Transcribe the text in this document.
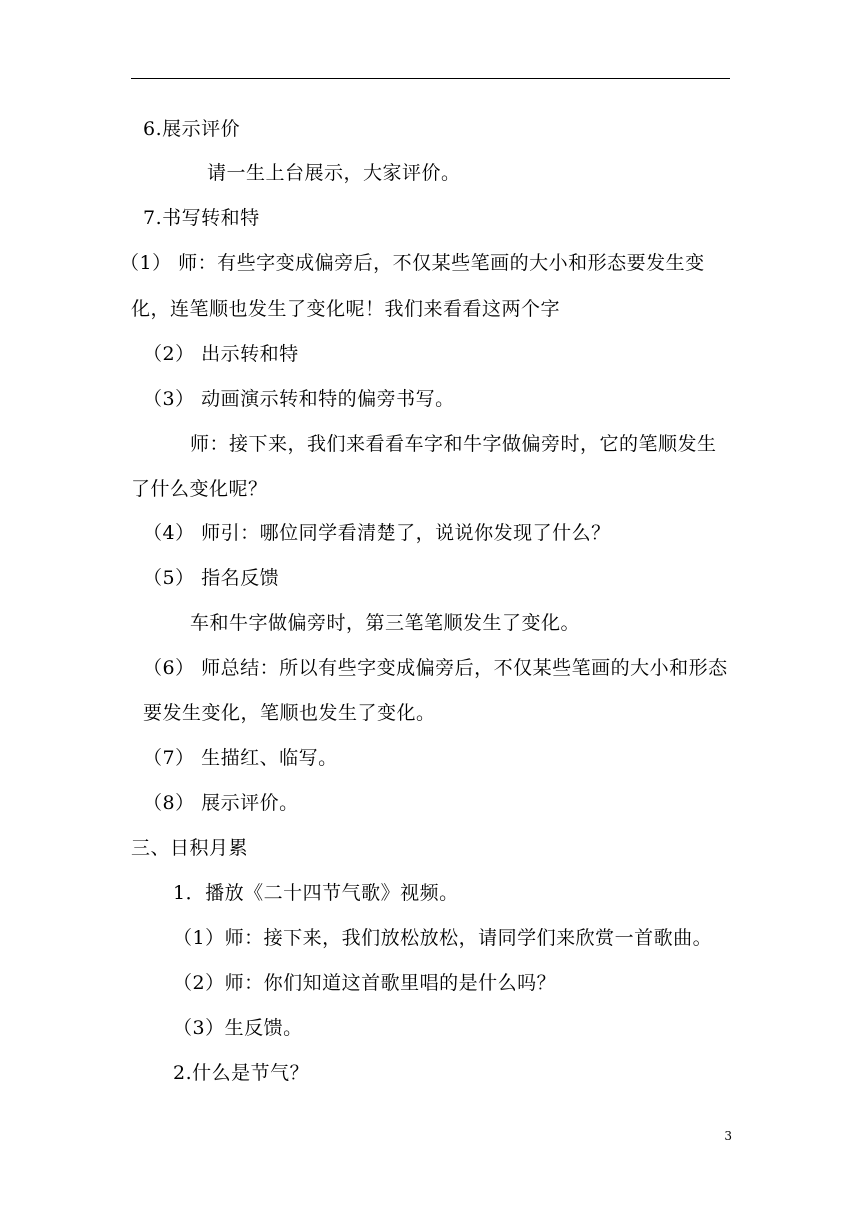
6.展示评价
请一生上台展示，大家评价。
7.书写转和特
（1） 师：有些字变成偏旁后，不仅某些笔画的大小和形态要发生变
化，连笔顺也发生了变化呢！我们来看看这两个字
（2） 出示转和特
（3） 动画演示转和特的偏旁书写。
师：接下来，我们来看看车字和牛字做偏旁时，它的笔顺发生
了什么变化呢？
（4） 师引：哪位同学看清楚了，说说你发现了什么？
（5） 指名反馈
车和牛字做偏旁时，第三笔笔顺发生了变化。
（6） 师总结：所以有些字变成偏旁后，不仅某些笔画的大小和形态
要发生变化，笔顺也发生了变化。
（7） 生描红、临写。
（8） 展示评价。
三、日积月累
1．播放《二十四节气歌》视频。
（1）师：接下来，我们放松放松，请同学们来欣赏一首歌曲。
（2）师：你们知道这首歌里唱的是什么吗？
（3）生反馈。
2.什么是节气？
3
